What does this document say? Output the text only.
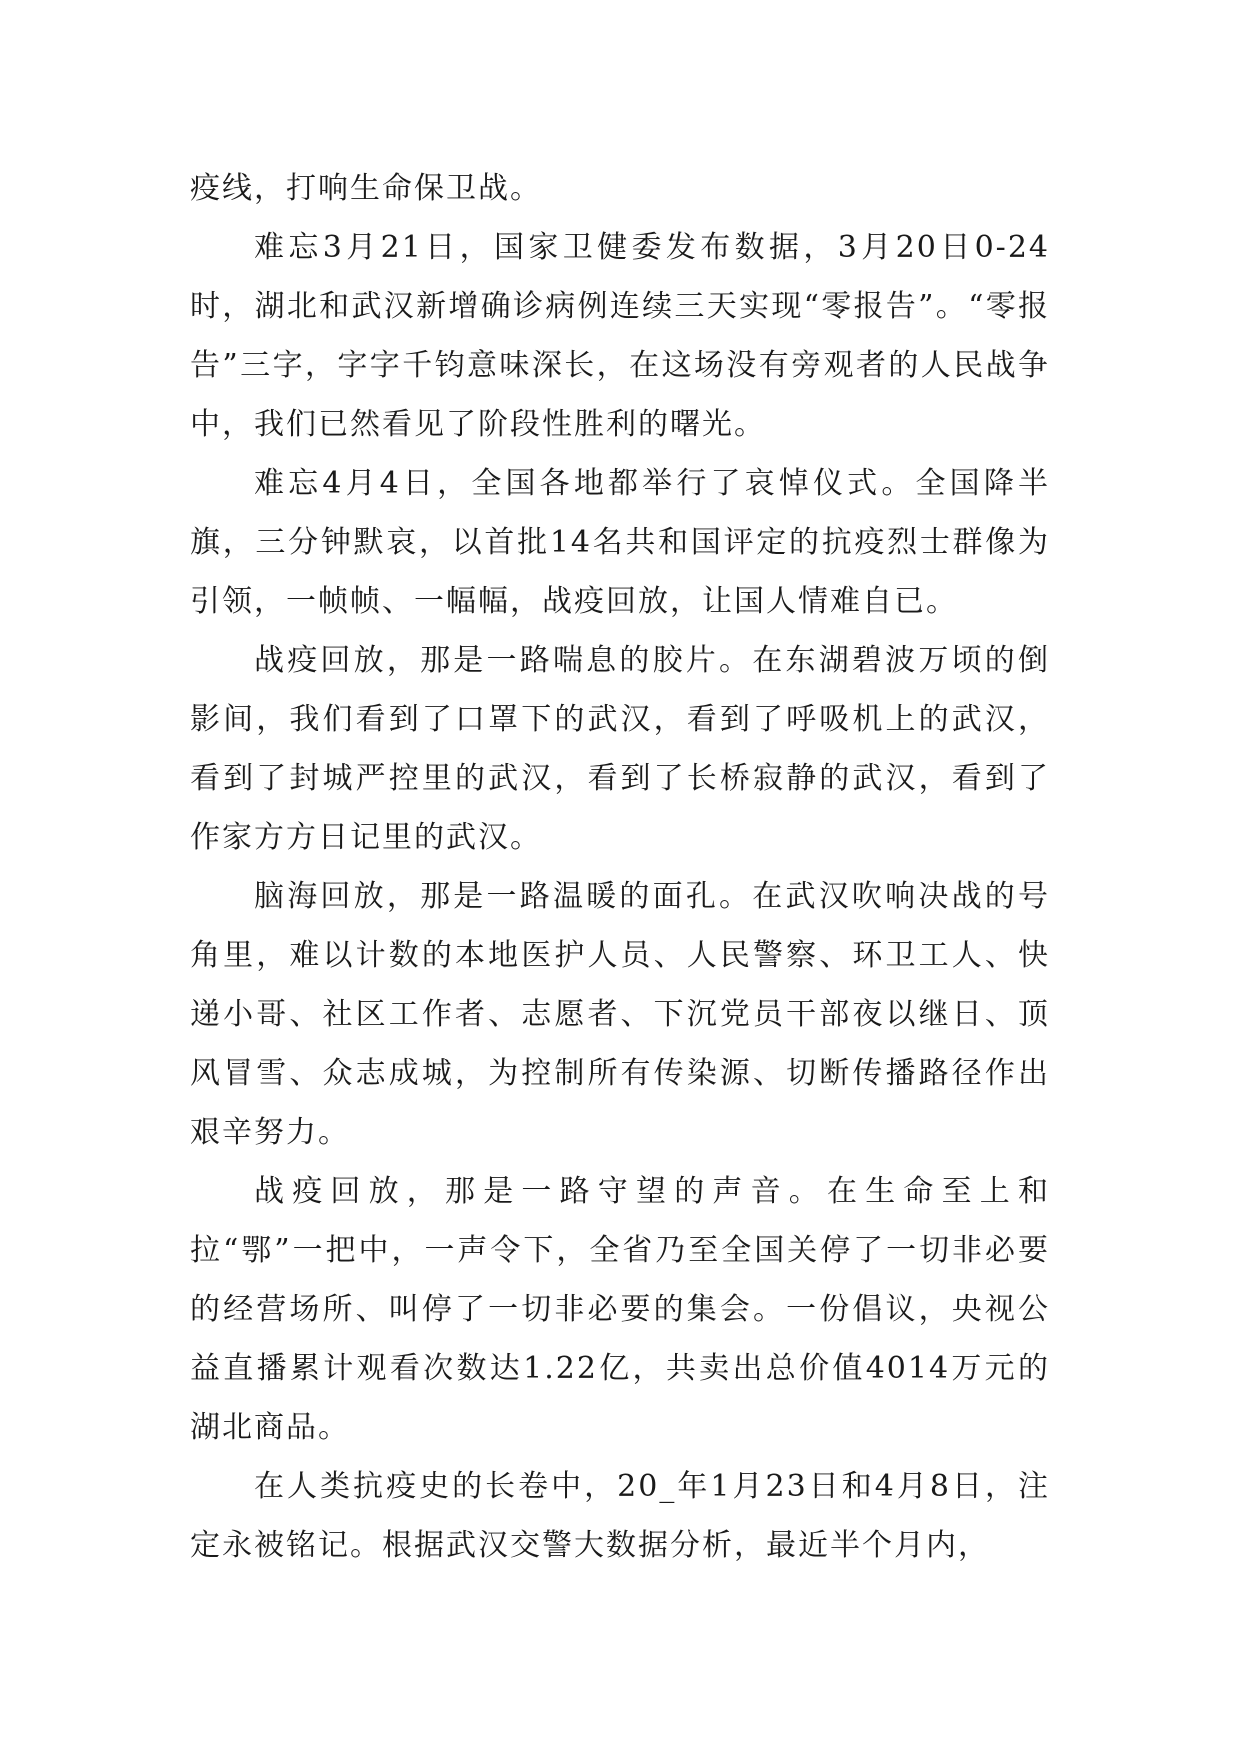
疫线，打响生命保卫战。

难忘3月21日，国家卫健委发布数据，3月20日0-24时，湖北和武汉新增确诊病例连续三天实现“零报告”。“零报告”三字，字字千钧意味深长，在这场没有旁观者的人民战争中，我们已然看见了阶段性胜利的曙光。

难忘4月4日，全国各地都举行了哀悼仪式。全国降半旗，三分钟默哀，以首批14名共和国评定的抗疫烈士群像为引领，一帧帧、一幅幅，战疫回放，让国人情难自已。

战疫回放，那是一路喘息的胶片。在东湖碧波万顷的倒影间，我们看到了口罩下的武汉，看到了呼吸机上的武汉，看到了封城严控里的武汉，看到了长桥寂静的武汉，看到了作家方方日记里的武汉。

脑海回放，那是一路温暖的面孔。在武汉吹响决战的号角里，难以计数的本地医护人员、人民警察、环卫工人、快递小哥、社区工作者、志愿者、下沉党员干部夜以继日、顶风冒雪、众志成城，为控制所有传染源、切断传播路径作出艰辛努力。

战疫回放，那是一路守望的声音。在生命至上和拉“鄂”一把中，一声令下，全省乃至全国关停了一切非必要的经营场所、叫停了一切非必要的集会。一份倡议，央视公益直播累计观看次数达1.22亿，共卖出总价值4014万元的湖北商品。

在人类抗疫史的长卷中，20_年1月23日和4月8日，注定永被铭记。根据武汉交警大数据分析，最近半个月内，
